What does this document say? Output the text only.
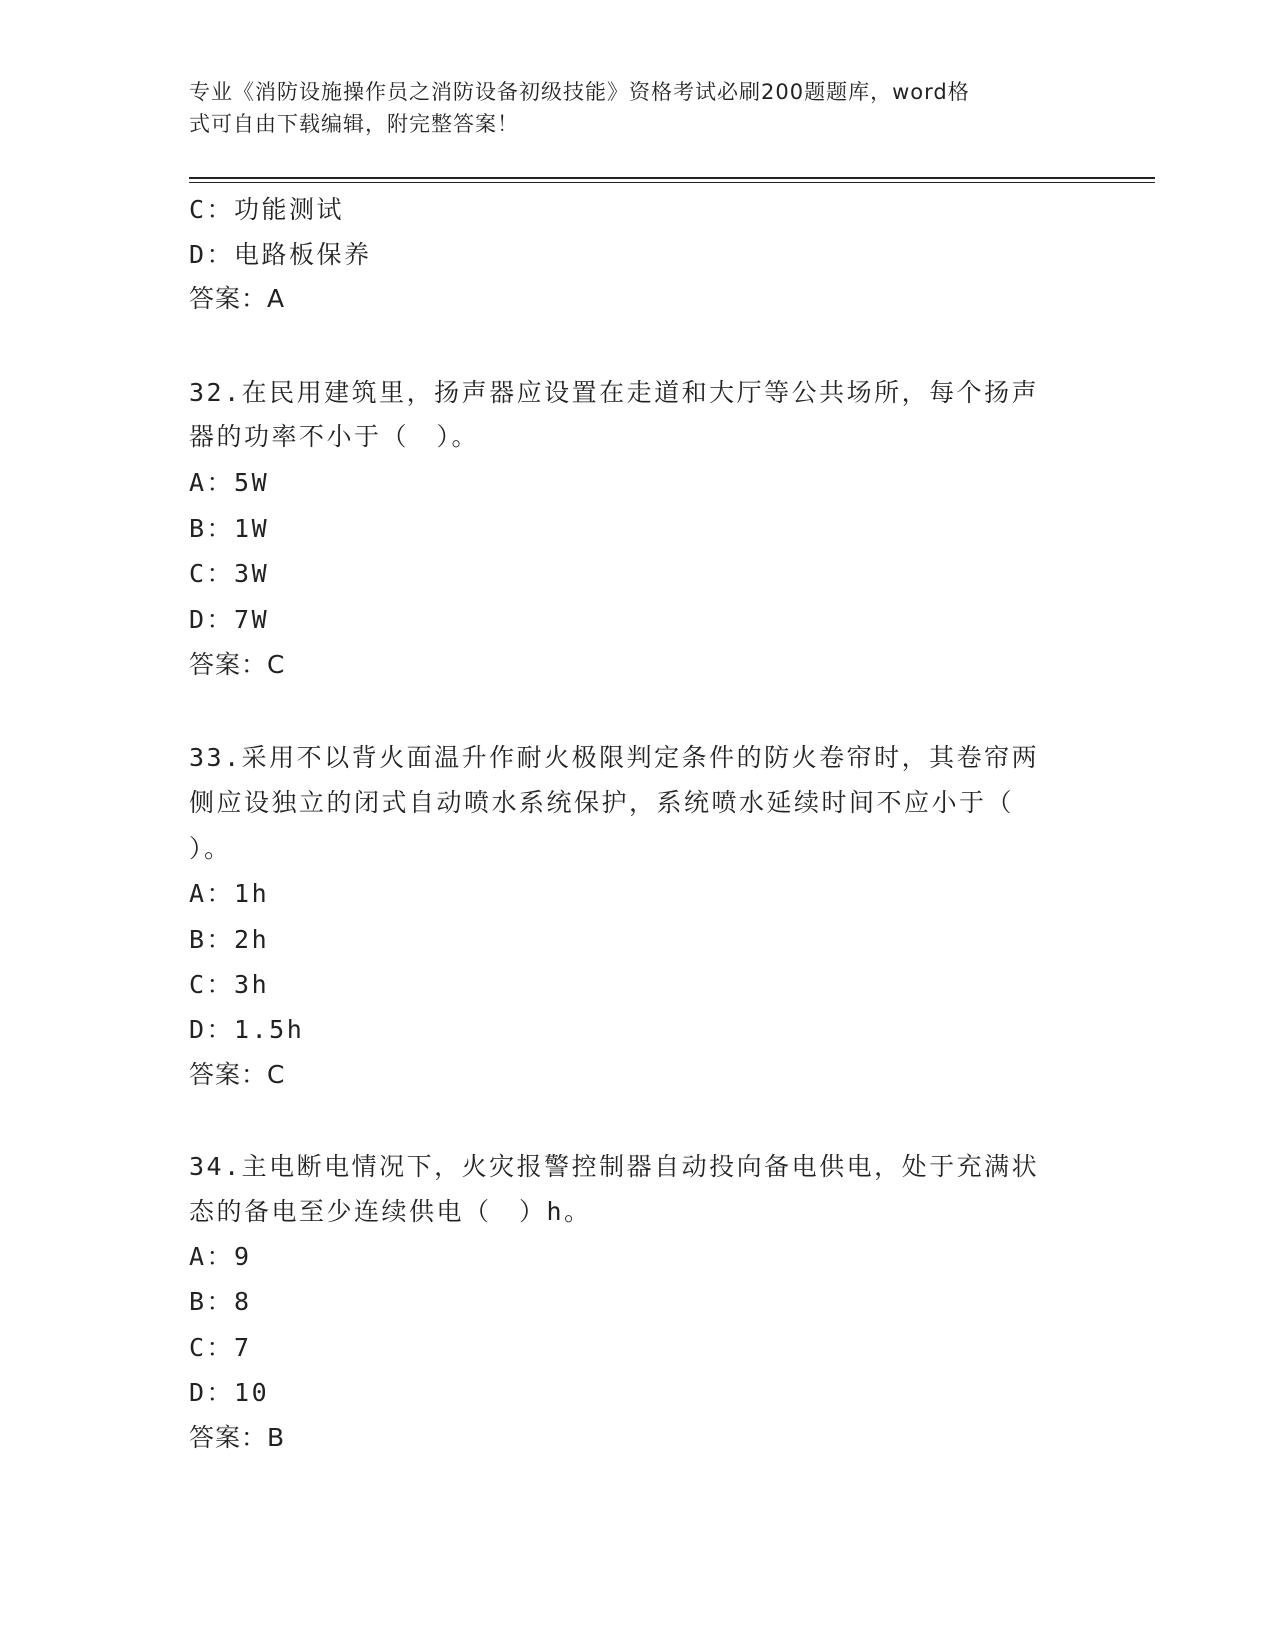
专业《消防设施操作员之消防设备初级技能》资格考试必刷200题题库，word格
式可自由下载编辑，附完整答案！
C：功能测试
D：电路板保养
答案：A
32.在民用建筑里，扬声器应设置在走道和大厅等公共场所，每个扬声
器的功率不小于（　）。
A：5W
B：1W
C：3W
D：7W
答案：C
33.采用不以背火面温升作耐火极限判定条件的防火卷帘时，其卷帘两
侧应设独立的闭式自动喷水系统保护，系统喷水延续时间不应小于（
）。
A：1h
B：2h
C：3h
D：1.5h
答案：C
34.主电断电情况下，火灾报警控制器自动投向备电供电，处于充满状
态的备电至少连续供电（　）h。
A：9
B：8
C：7
D：10
答案：B
